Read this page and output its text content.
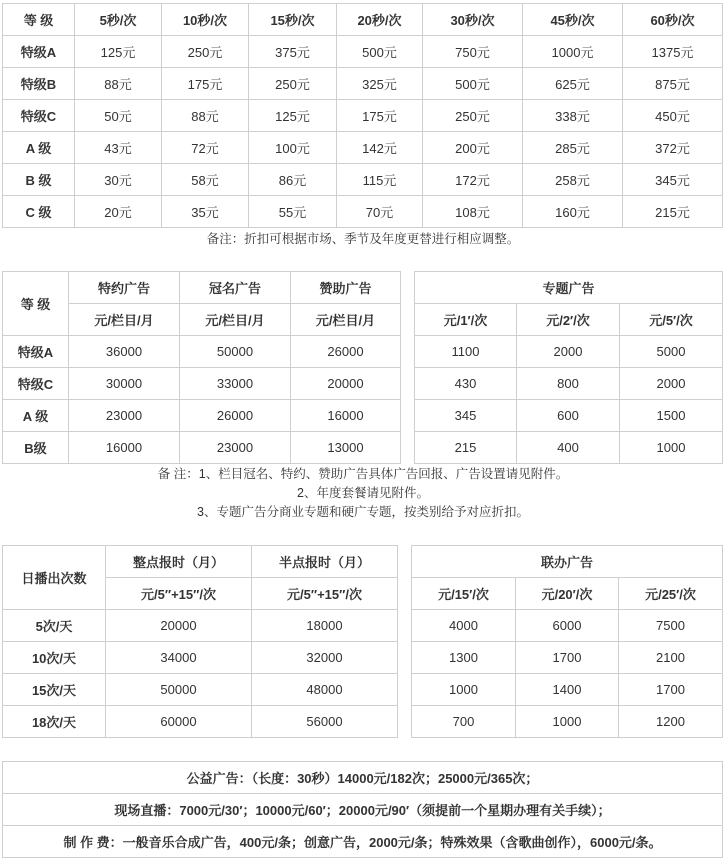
等 级	5秒/次	10秒/次	15秒/次	20秒/次	30秒/次	45秒/次	60秒/次
特级A	125元	250元	375元	500元	750元	1000元	1375元
特级B	88元	175元	250元	325元	500元	625元	875元
特级C	50元	88元	125元	175元	250元	338元	450元
A 级	43元	72元	100元	142元	200元	285元	372元
B 级	30元	58元	86元	115元	172元	258元	345元
C 级	20元	35元	55元	70元	108元	160元	215元
备注：折扣可根据市场、季节及年度更替进行相应调整。
等 级	特约广告	冠名广告	赞助广告		专题广告		
	元/栏目/月	元/栏目/月	元/栏目/月		元/1′/次	元/2′/次	元/5′/次
特级A	36000	50000	26000		1100	2000	5000
特级C	30000	33000	20000		430	800	2000
A 级	23000	26000	16000		345	600	1500
B级	16000	23000	13000		215	400	1000
备 注：1、栏目冠名、特约、赞助广告具体广告回报、广告设置请见附件。
2、年度套餐请见附件。
3、专题广告分商业专题和硬广专题，按类别给予对应折扣。
日播出次数	整点报时（月）	半点报时（月）		联办广告		
	元/5″+15″/次	元/5″+15″/次		元/15′/次	元/20′/次	元/25′/次
5次/天	20000	18000		4000	6000	7500
10次/天	34000	32000		1300	1700	2100
15次/天	50000	48000		1000	1400	1700
18次/天	60000	56000		700	1000	1200
公益广告：（长度：30秒）14000元/182次；25000元/365次；
现场直播：7000元/30′；10000元/60′；20000元/90′（须提前一个星期办理有关手续）；
制 作 费：一般音乐合成广告，400元/条；创意广告，2000元/条；特殊效果（含歌曲创作），6000元/条。
